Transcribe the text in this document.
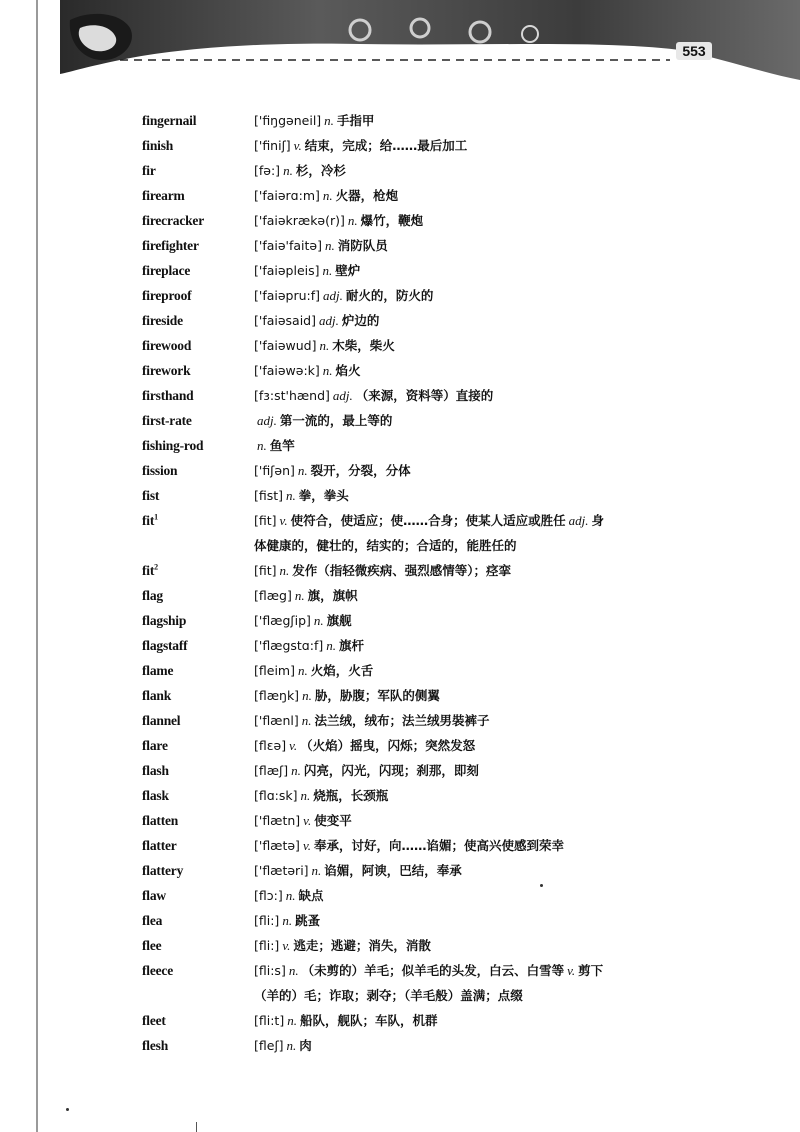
553
fingernail	['fiŋgəneil] n. 手指甲
finish	['finiʃ] v. 结束，完成；给……最后加工
fir	[fə:] n. 杉，冷杉
firearm	['faiərɑ:m] n. 火器，枪炮
firecracker	['faiəkrækə(r)] n. 爆竹，鞭炮
firefighter	['faiə'faitə] n. 消防队员
fireplace	['faiəpleis] n. 壁炉
fireproof	['faiəpru:f] adj. 耐火的，防火的
fireside	['faiəsaid] adj. 炉边的
firewood	['faiəwud] n. 木柴，柴火
firework	['faiəwə:k] n. 焰火
firsthand	[fɜ:st'hænd] adj. （来源，资料等）直接的
first-rate	adj. 第一流的，最上等的
fishing-rod	n. 鱼竿
fission	['fiʃən] n. 裂开，分裂，分体
fist	[fist] n. 拳，拳头
fit$^1$	[fit] v. 使符合，使适应；使……合身；使某人适应或胜任 adj. 身
体健康的，健壮的，结实的；合适的，能胜任的
fit$^2$	[fit] n. 发作（指轻微疾病、强烈感情等）；痉挛
flag	[flæg] n. 旗，旗帜
flagship	['flægʃip] n. 旗舰
flagstaff	['flægstɑ:f] n. 旗杆
flame	[fleim] n. 火焰，火舌
flank	[flæŋk] n. 胁，胁腹；军队的侧翼
flannel	['flænl] n. 法兰绒，绒布；法兰绒男裝裤子
flare	[flɛə] v. （火焰）摇曳，闪烁；突然发怒
flash	[flæʃ] n. 闪亮，闪光，闪现；刹那，即刻
flask	[flɑ:sk] n. 烧瓶，长颈瓶
flatten	['flætn] v. 使变平
flatter	['flætə] v. 奉承，讨好，向……谄媚；使高兴使感到荣幸
flattery	['flætəri] n. 谄媚，阿谀，巴结，奉承
flaw	[flɔ:] n. 缺点
flea	[fli:] n. 跳蚤
flee	[fli:] v. 逃走；逃避；消失，消散
fleece	[fli:s] n. （未剪的）羊毛；似羊毛的头发，白云、白雪等 v. 剪下
（羊的）毛；诈取；剥夺；（羊毛般）盖满；点缀
fleet	[fli:t] n. 船队，舰队；车队，机群
flesh	[fleʃ] n. 肉
